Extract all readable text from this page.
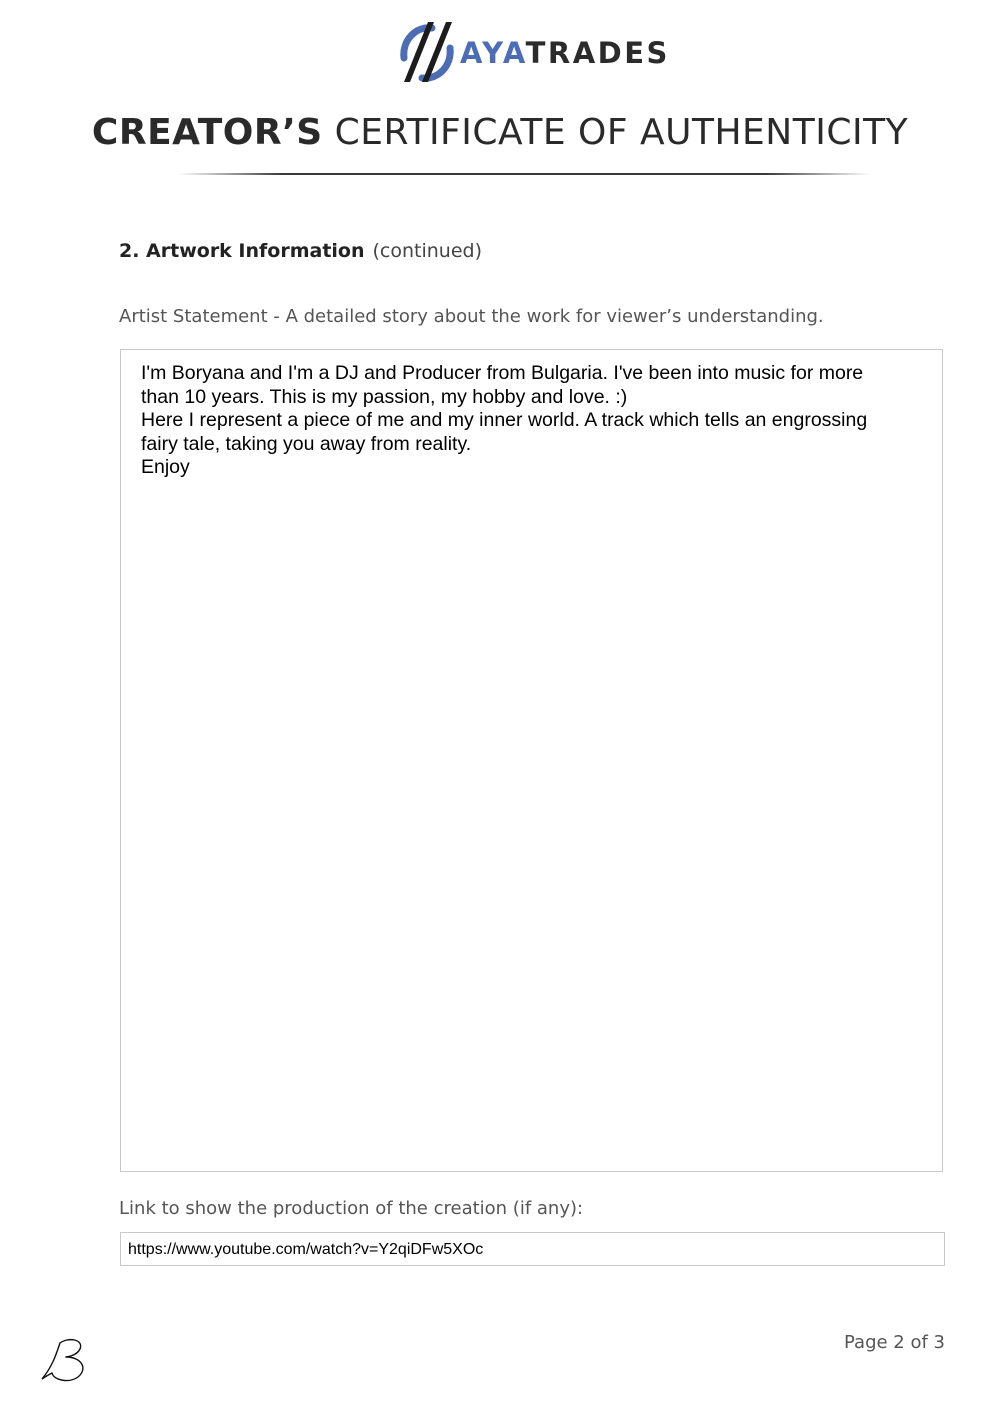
AYATRADES
CREATOR’S CERTIFICATE OF AUTHENTICITY
2. Artwork Information (continued)
Artist Statement - A detailed story about the work for viewer’s understanding.
I'm Boryana and I'm a DJ and Producer from Bulgaria. I've been into music for more
than 10 years. This is my passion, my hobby and love. :)
Here I represent a piece of me and my inner world. A track which tells an engrossing
fairy tale, taking you away from reality.
Enjoy
Link to show the production of the creation (if any):
https://www.youtube.com/watch?v=Y2qiDFw5XOc
Page 2 of 3
